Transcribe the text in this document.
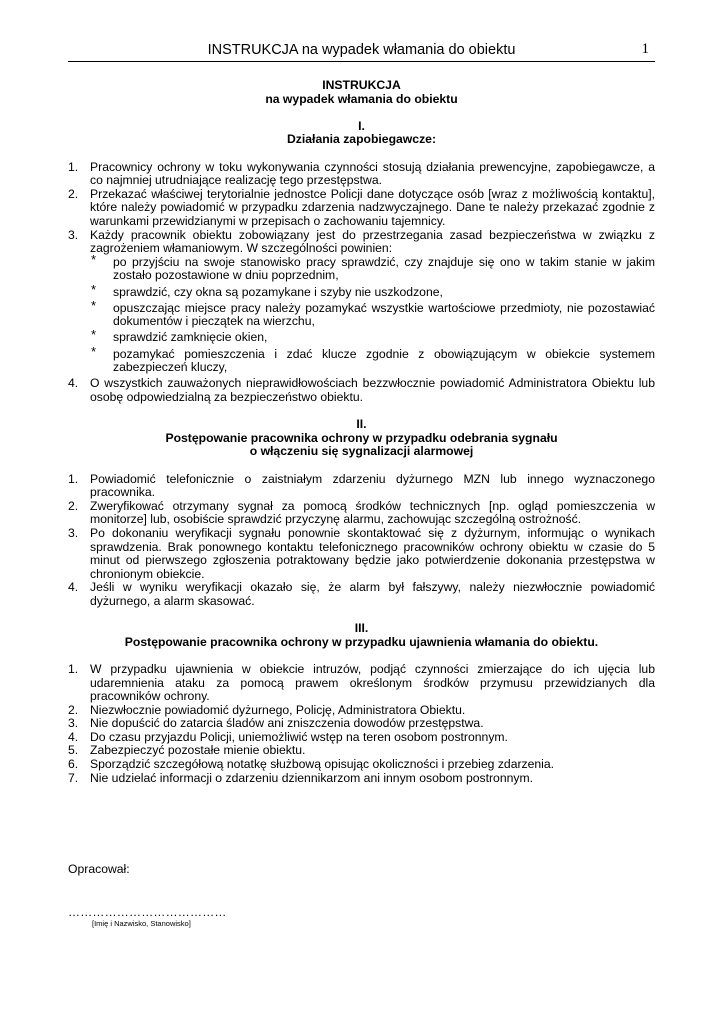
INSTRUKCJA na wypadek włamania do obiektu	1
INSTRUKCJA
na wypadek włamania do obiektu
I.
Działania zapobiegawcze:
1. Pracownicy ochrony w toku wykonywania czynności stosują działania prewencyjne, zapobiegawcze, a co najmniej utrudniające realizację tego przestępstwa.
2. Przekazać właściwej terytorialnie jednostce Policji dane dotyczące osób [wraz z możliwością kontaktu], które należy powiadomić w przypadku zdarzenia nadzwyczajnego. Dane te należy przekazać zgodnie z warunkami przewidzianymi w przepisach o zachowaniu tajemnicy.
3. Każdy pracownik obiektu zobowiązany jest do przestrzegania zasad bezpieczeństwa w związku z zagrożeniem włamaniowym. W szczególności powinien:
* po przyjściu na swoje stanowisko pracy sprawdzić, czy znajduje się ono w takim stanie w jakim zostało pozostawione w dniu poprzednim,
* sprawdzić, czy okna są pozamykane i szyby nie uszkodzone,
* opuszczając miejsce pracy należy pozamykać wszystkie wartościowe przedmioty, nie pozostawiać dokumentów i pieczątek na wierzchu,
* sprawdzić zamknięcie okien,
* pozamykać pomieszczenia i zdać klucze zgodnie z obowiązującym w obiekcie systemem zabezpieczeń kluczy,
4. O wszystkich zauważonych nieprawidłowościach bezzwłocznie powiadomić Administratora Obiektu lub osobę odpowiedzialną za bezpieczeństwo obiektu.
II.
Postępowanie pracownika ochrony w przypadku odebrania sygnału
o włączeniu się sygnalizacji alarmowej
1. Powiadomić telefonicznie o zaistniałym zdarzeniu dyżurnego MZN lub innego wyznaczonego pracownika.
2. Zweryfikować otrzymany sygnał za pomocą środków technicznych [np. ogląd pomieszczenia w monitorze] lub, osobiście sprawdzić przyczynę alarmu, zachowując szczególną ostrożność.
3. Po dokonaniu weryfikacji sygnału ponownie skontaktować się z dyżurnym, informując o wynikach sprawdzenia. Brak ponownego kontaktu telefonicznego pracowników ochrony obiektu w czasie do 5 minut od pierwszego zgłoszenia potraktowany będzie jako potwierdzenie dokonania przestępstwa w chronionym obiekcie.
4. Jeśli w wyniku weryfikacji okazało się, że alarm był fałszywy, należy niezwłocznie powiadomić dyżurnego, a alarm skasować.
III.
Postępowanie pracownika ochrony w przypadku ujawnienia włamania do obiektu.
1. W przypadku ujawnienia w obiekcie intruzów, podjąć czynności zmierzające do ich ujęcia lub udaremnienia ataku za pomocą prawem określonym środków przymusu przewidzianych dla pracowników ochrony.
2. Niezwłocznie powiadomić dyżurnego, Policję, Administratora Obiektu.
3. Nie dopuścić do zatarcia śladów ani zniszczenia dowodów przestępstwa.
4. Do czasu przyjazdu Policji, uniemożliwić wstęp na teren osobom postronnym.
5. Zabezpieczyć pozostałe mienie obiektu.
6. Sporządzić szczegółową notatkę służbową opisując okoliczności i przebieg zdarzenia.
7. Nie udzielać informacji o zdarzeniu dziennikarzom ani innym osobom postronnym.
Opracował:
…………………………………
[Imię i Nazwisko, Stanowisko]
